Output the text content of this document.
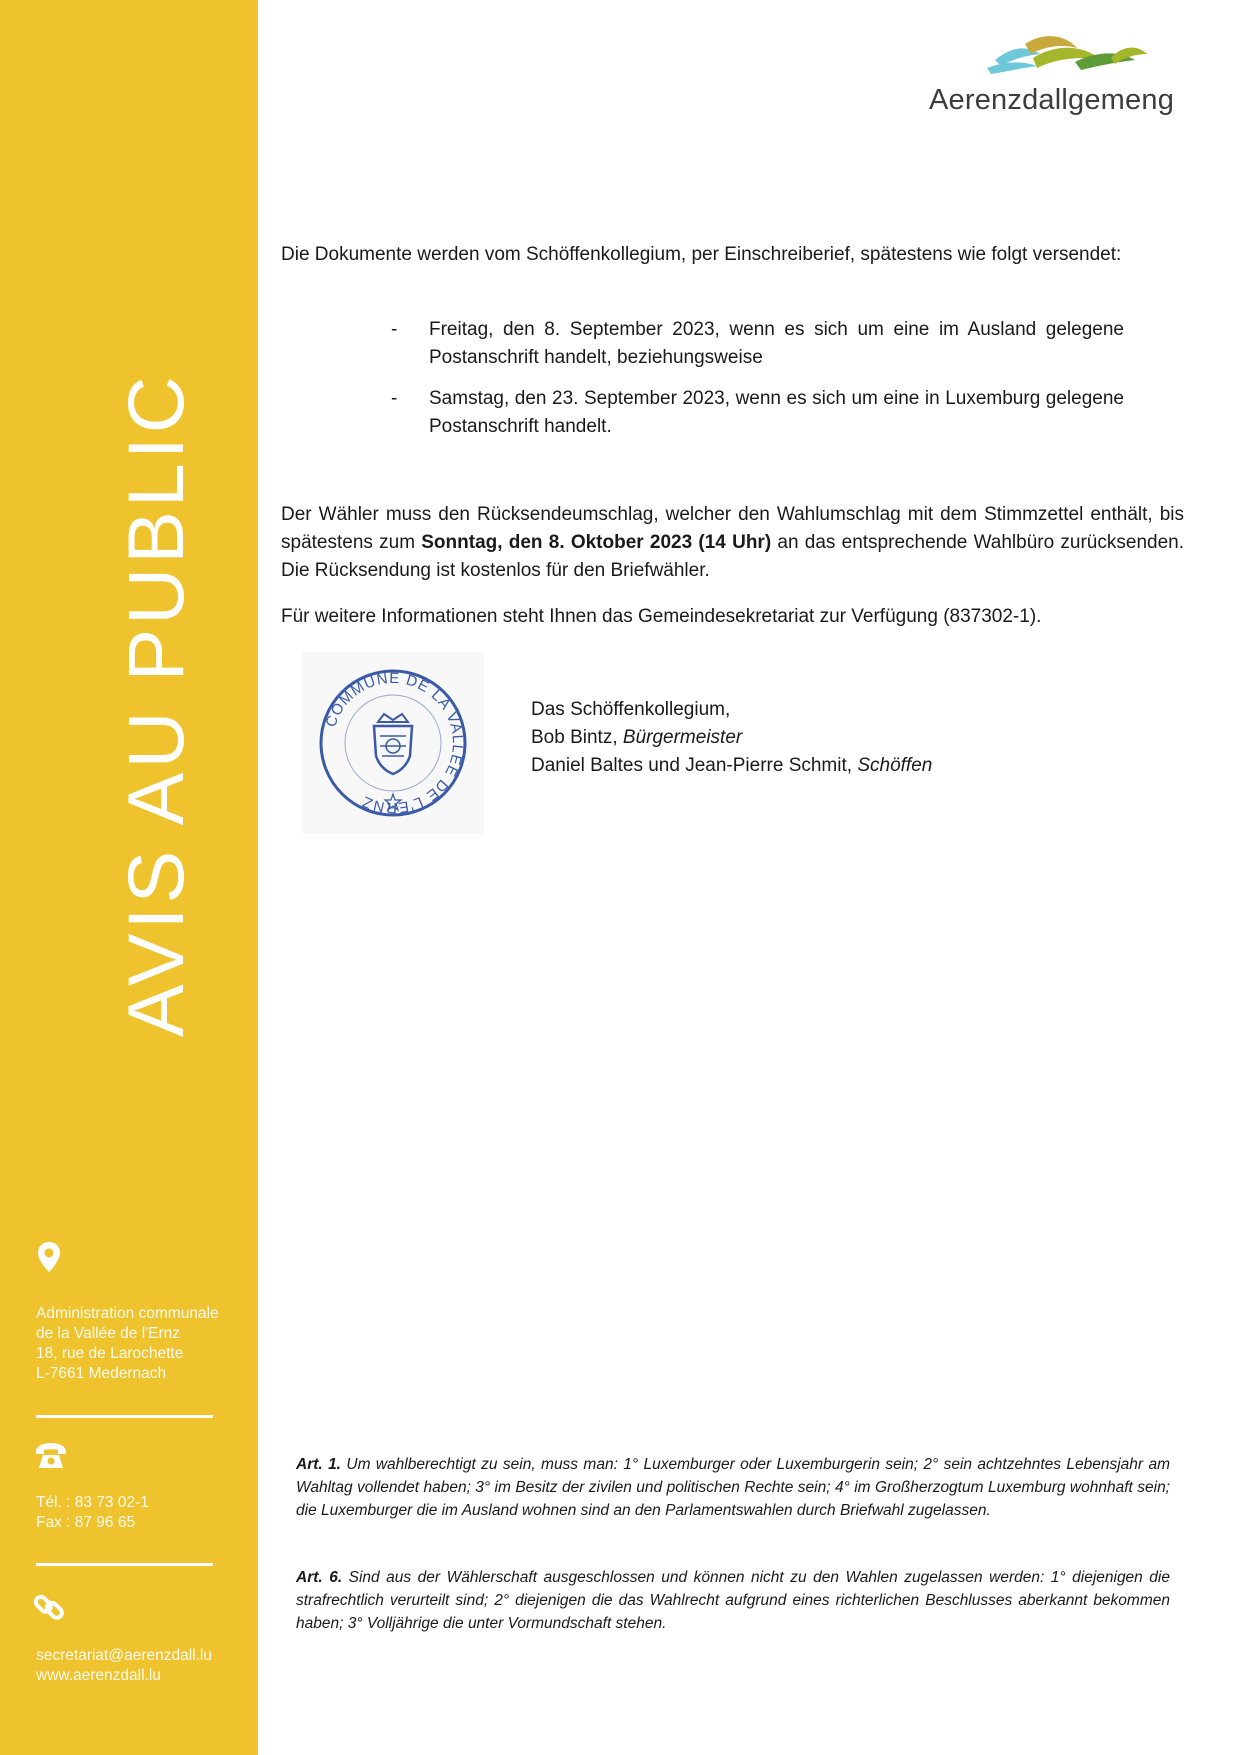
AVIS AU PUBLIC
Administration communale
de la Vallée de l'Ernz
18, rue de Larochette
L-7661 Medernach
Tél. : 83 73 02-1
Fax : 87 96 65
secretariat@aerenzdall.lu
www.aerenzdall.lu
Aerenzdallgemeng
Die Dokumente werden vom Schöffenkollegium, per Einschreiberief, spätestens wie folgt versendet:
- Freitag, den 8. September 2023, wenn es sich um eine im Ausland gelegene Postanschrift handelt, beziehungsweise
- Samstag, den 23. September 2023, wenn es sich um eine in Luxemburg gelegene Postanschrift handelt.
Der Wähler muss den Rücksendeumschlag, welcher den Wahlumschlag mit dem Stimmzettel enthält, bis spätestens zum Sonntag, den 8. Oktober 2023 (14 Uhr) an das entsprechende Wahlbüro zurücksenden. Die Rücksendung ist kostenlos für den Briefwähler.
Für weitere Informationen steht Ihnen das Gemeindesekretariat zur Verfügung (837302-1).
COMMUNE DE LA VALLÉE DE L'ERNZ
Das Schöffenkollegium,
Bob Bintz, Bürgermeister
Daniel Baltes und Jean-Pierre Schmit, Schöffen
Art. 1. Um wahlberechtigt zu sein, muss man: 1° Luxemburger oder Luxemburgerin sein; 2° sein achtzehntes Lebensjahr am Wahltag vollendet haben; 3° im Besitz der zivilen und politischen Rechte sein; 4° im Großherzogtum Luxemburg wohnhaft sein; die Luxemburger die im Ausland wohnen sind an den Parlamentswahlen durch Briefwahl zugelassen.
Art. 6. Sind aus der Wählerschaft ausgeschlossen und können nicht zu den Wahlen zugelassen werden: 1° diejenigen die strafrechtlich verurteilt sind; 2° diejenigen die das Wahlrecht aufgrund eines richterlichen Beschlusses aberkannt bekommen haben; 3° Volljährige die unter Vormundschaft stehen.
